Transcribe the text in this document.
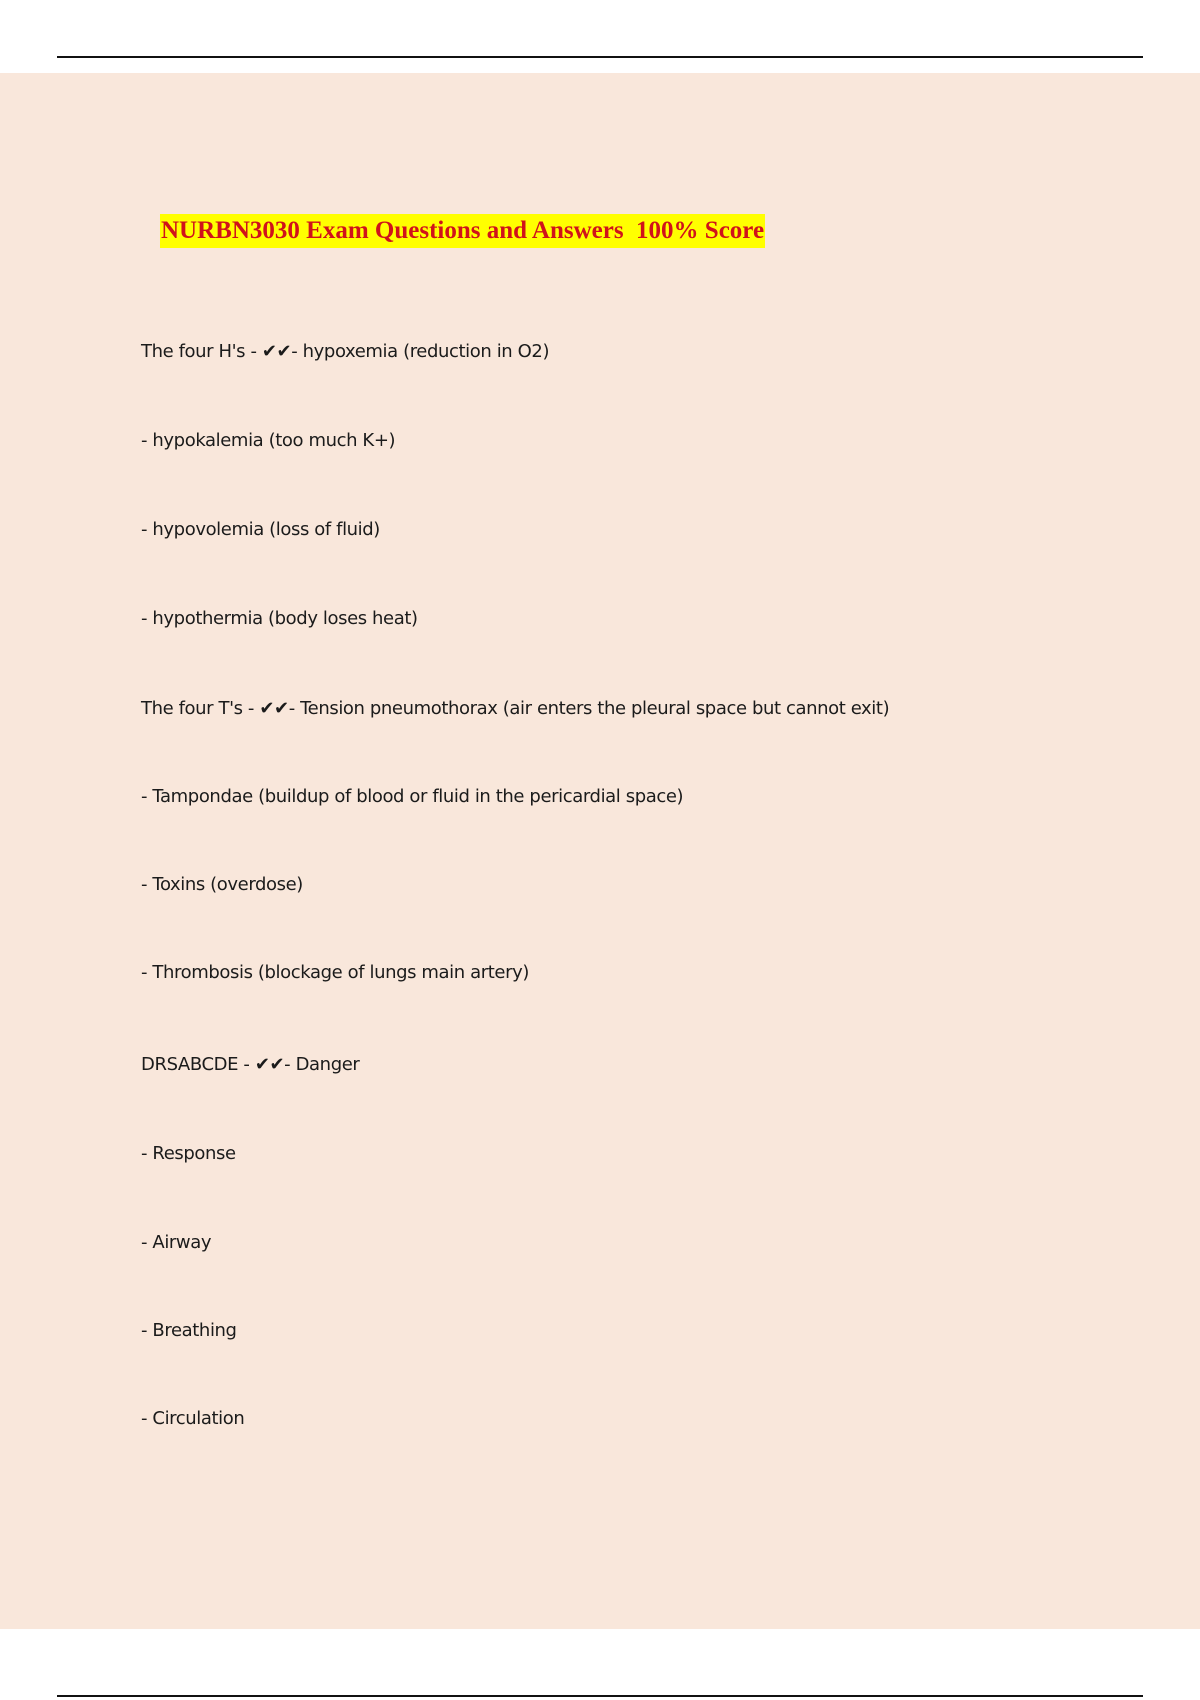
NURBN3030 Exam Questions and Answers  100% Score
The four H's - ✔✔- hypoxemia (reduction in O2)
- hypokalemia (too much K+)
- hypovolemia (loss of fluid)
- hypothermia (body loses heat)
The four T's - ✔✔- Tension pneumothorax (air enters the pleural space but cannot exit)
- Tampondae (buildup of blood or fluid in the pericardial space)
- Toxins (overdose)
- Thrombosis (blockage of lungs main artery)
DRSABCDE - ✔✔- Danger
- Response
- Airway
- Breathing
- Circulation
